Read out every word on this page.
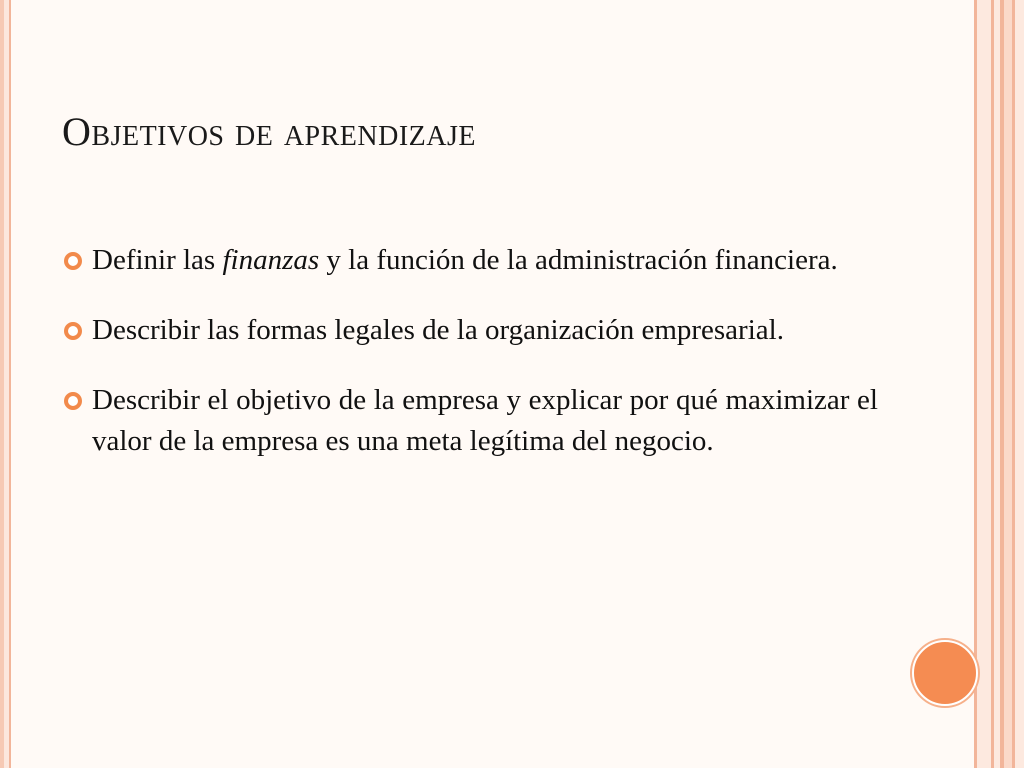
Objetivos de aprendizaje
Definir las finanzas y la función de la administración financiera.
Describir las formas legales de la organización empresarial.
Describir el objetivo de la empresa y explicar por qué maximizar el valor de la empresa es una meta legítima del negocio.
